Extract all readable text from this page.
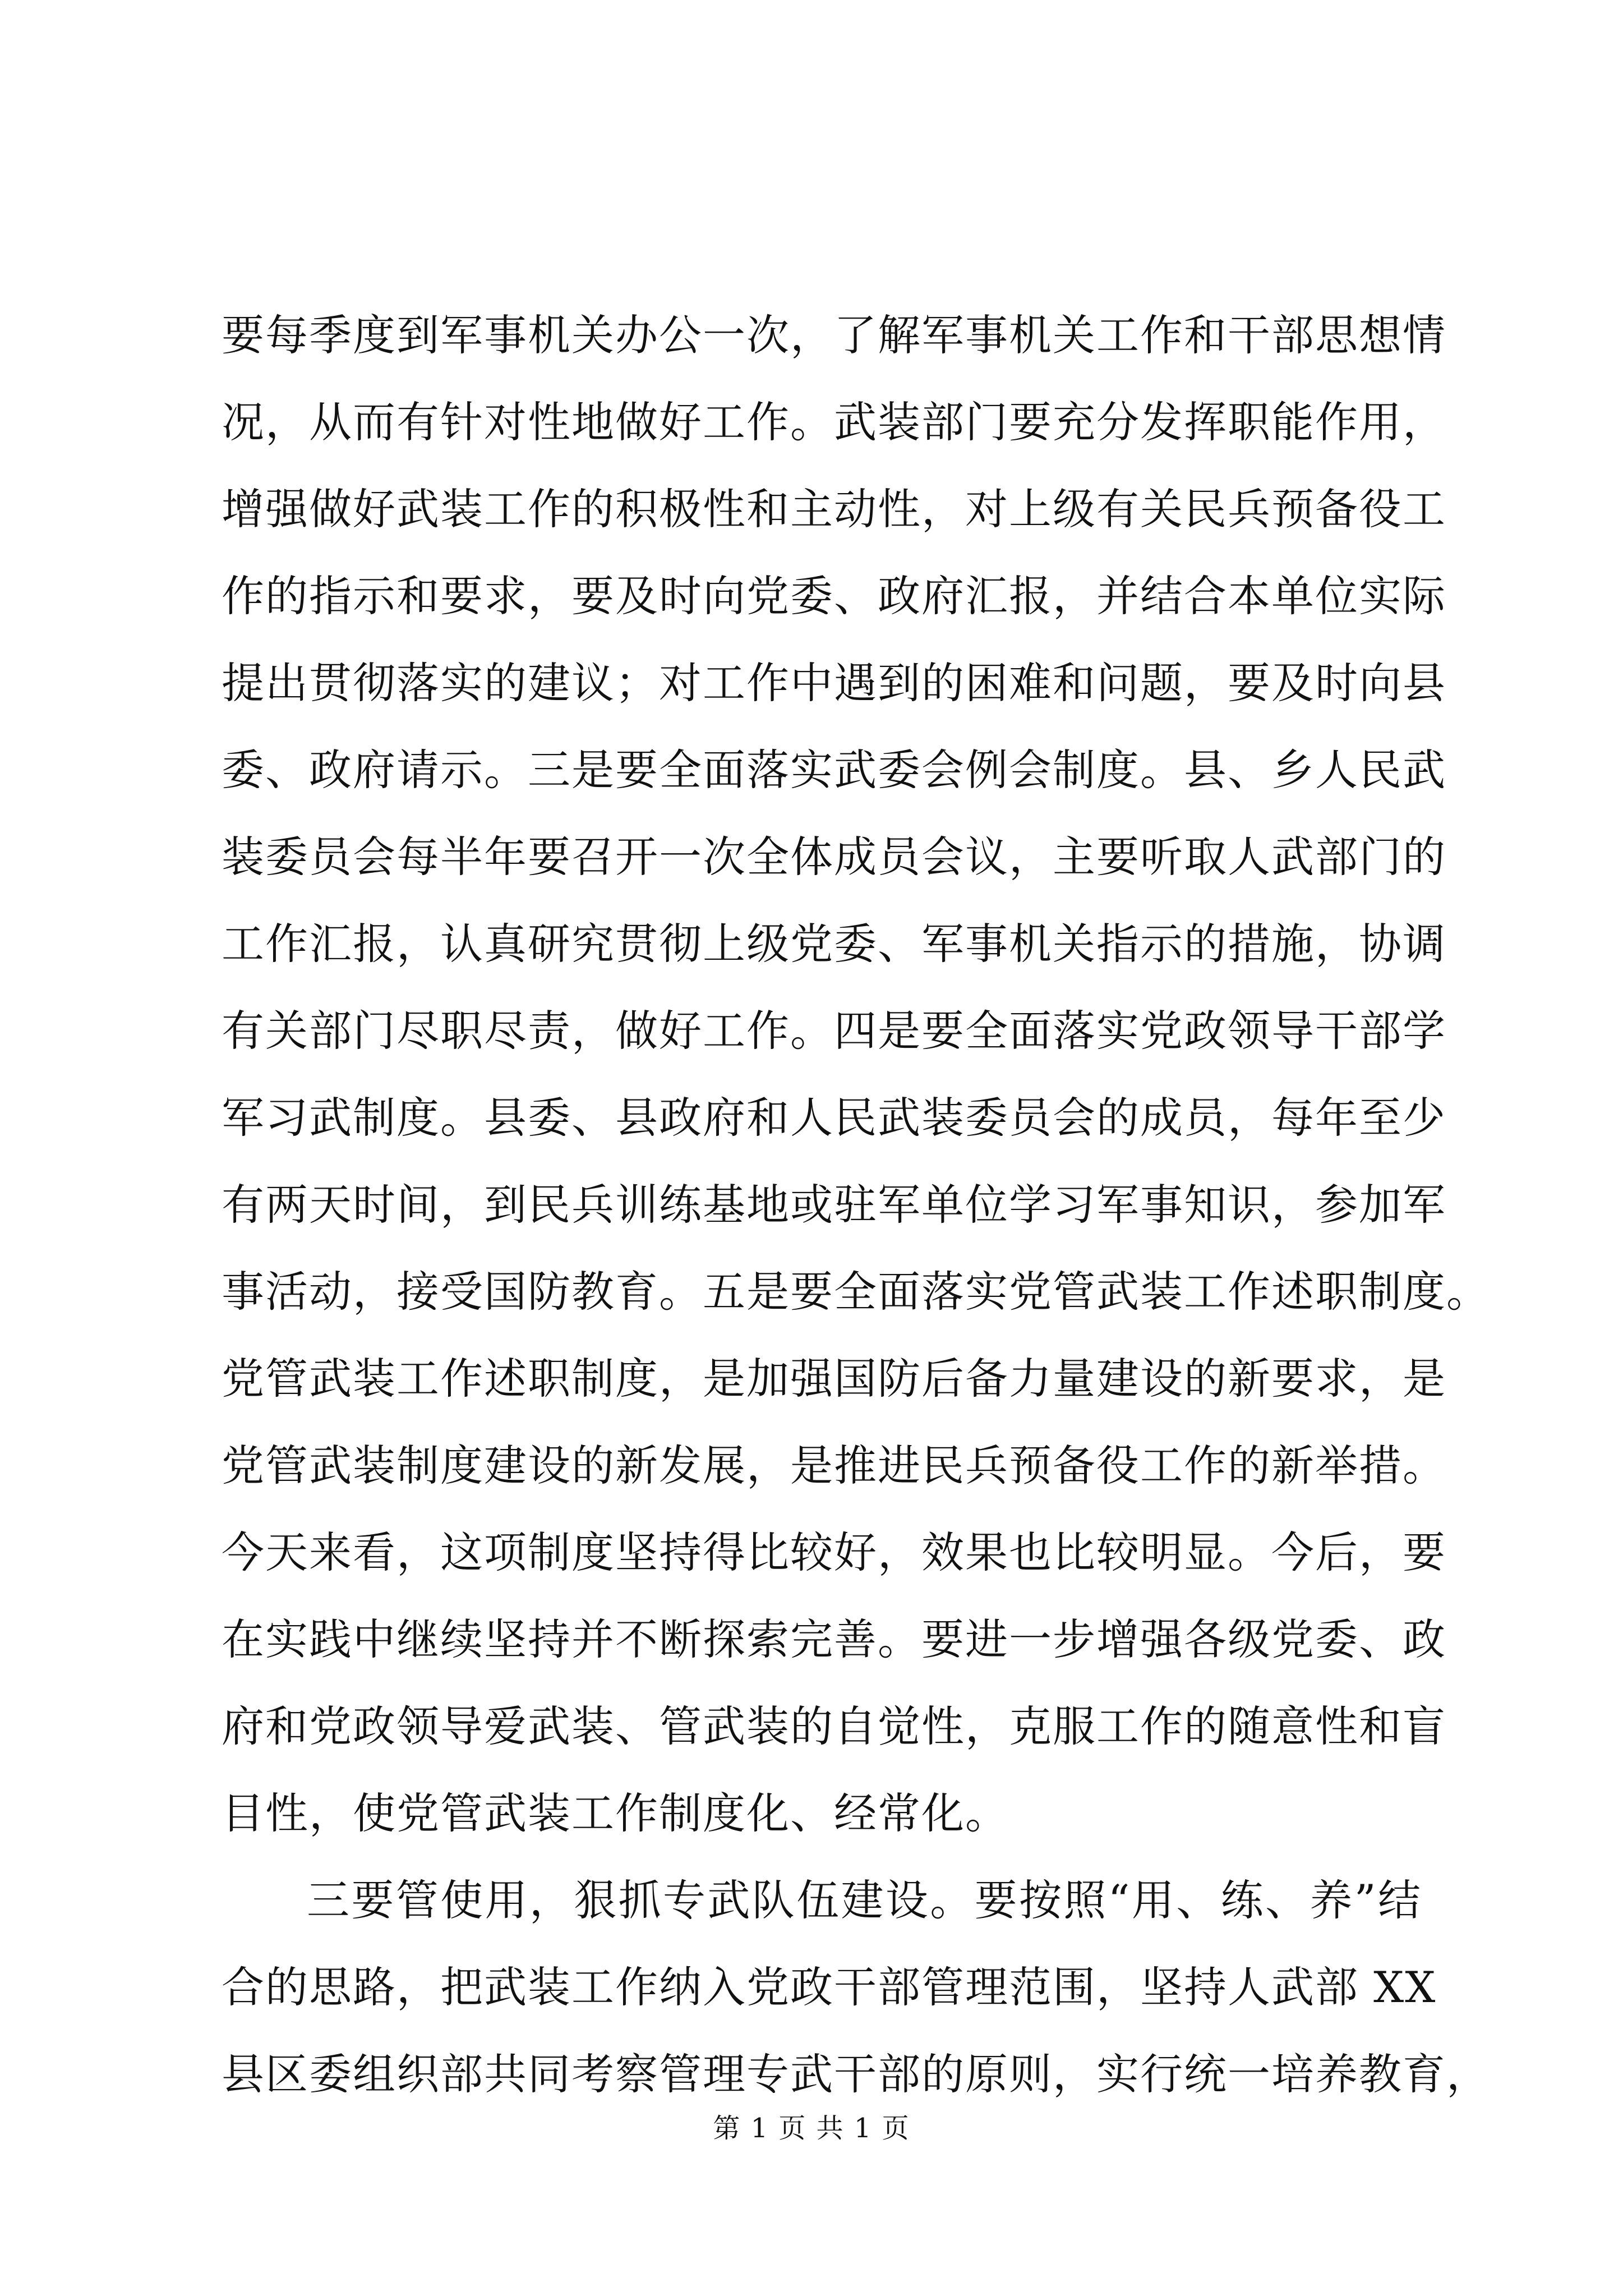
要每季度到军事机关办公一次，了解军事机关工作和干部思想情
况，从而有针对性地做好工作。武装部门要充分发挥职能作用，
增强做好武装工作的积极性和主动性，对上级有关民兵预备役工
作的指示和要求，要及时向党委、政府汇报，并结合本单位实际
提出贯彻落实的建议；对工作中遇到的困难和问题，要及时向县
委、政府请示。三是要全面落实武委会例会制度。县、乡人民武
装委员会每半年要召开一次全体成员会议，主要听取人武部门的
工作汇报，认真研究贯彻上级党委、军事机关指示的措施，协调
有关部门尽职尽责，做好工作。四是要全面落实党政领导干部学
军习武制度。县委、县政府和人民武装委员会的成员，每年至少
有两天时间，到民兵训练基地或驻军单位学习军事知识，参加军
事活动，接受国防教育。五是要全面落实党管武装工作述职制度。
党管武装工作述职制度，是加强国防后备力量建设的新要求，是
党管武装制度建设的新发展，是推进民兵预备役工作的新举措。
今天来看，这项制度坚持得比较好，效果也比较明显。今后，要
在实践中继续坚持并不断探索完善。要进一步增强各级党委、政
府和党政领导爱武装、管武装的自觉性，克服工作的随意性和盲
目性，使党管武装工作制度化、经常化。
三要管使用，狠抓专武队伍建设。要按照“用、练、养”结
合的思路，把武装工作纳入党政干部管理范围，坚持人武部 XX
县区委组织部共同考察管理专武干部的原则，实行统一培养教育，
第 1 页 共 1 页
